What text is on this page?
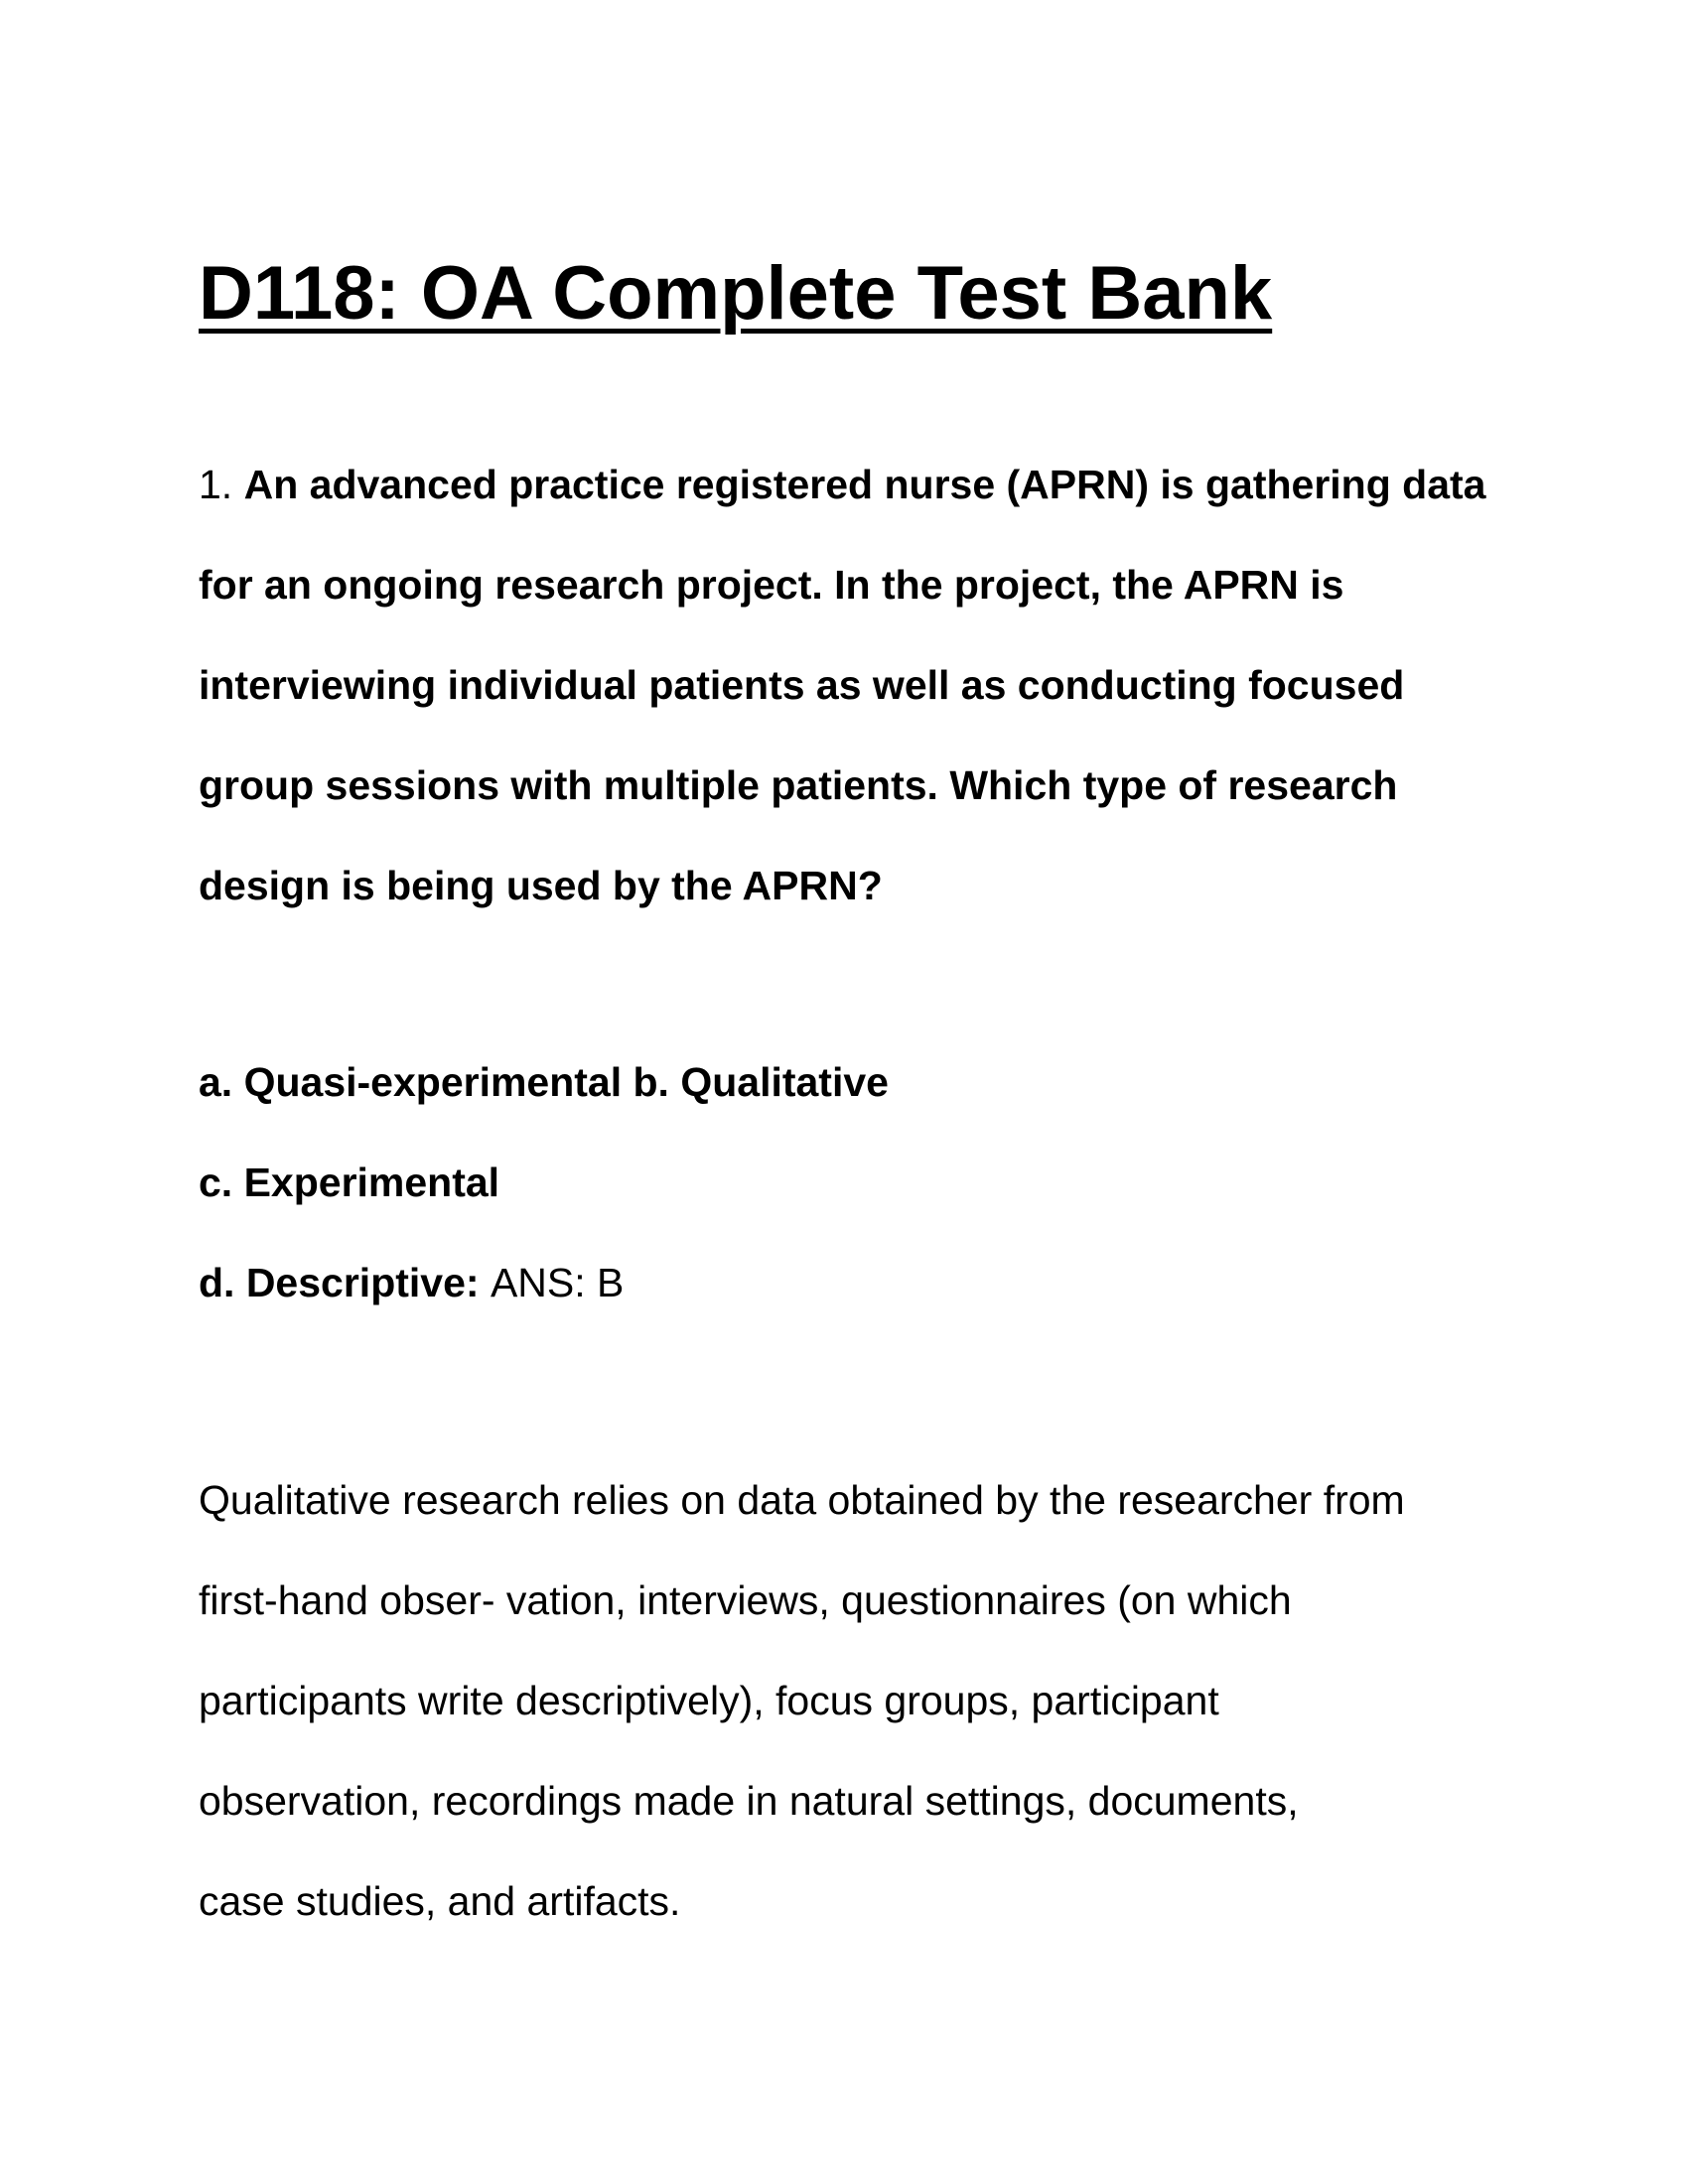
D118: OA Complete Test Bank

1. An advanced practice registered nurse (APRN) is gathering data for an ongoing research project. In the project, the APRN is interviewing individual patients as well as conducting focused group sessions with multiple patients. Which type of research design is being used by the APRN?

a. Quasi-experimental b. Qualitative
c. Experimental
d. Descriptive: ANS: B
Qualitative research relies on data obtained by the researcher from
first-hand obser- vation, interviews, questionnaires (on which
participants write descriptively), focus groups, participant
observation, recordings made in natural settings, documents,
case studies, and artifacts.
